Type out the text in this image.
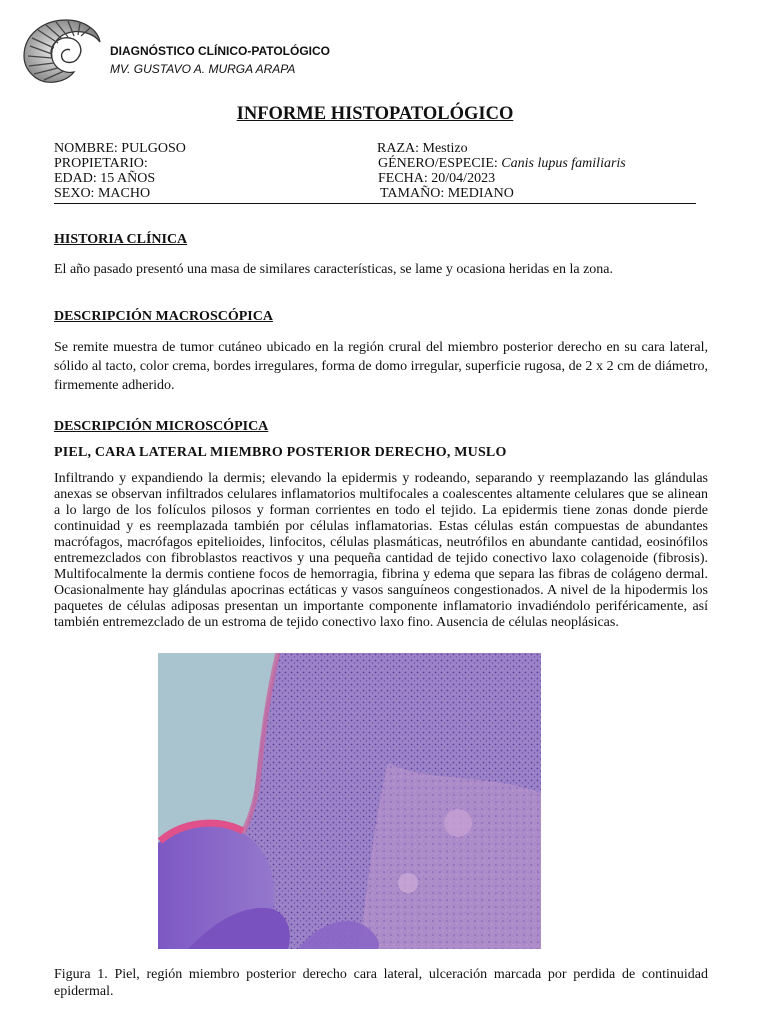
DIAGNÓSTICO CLÍNICO-PATOLÓGICO
MV. GUSTAVO A. MURGA ARAPA
INFORME HISTOPATOLÓGICO
NOMBRE: PULGOSO
PROPIETARIO:
EDAD: 15 AÑOS
SEXO: MACHO
RAZA: Mestizo
GÉNERO/ESPECIE: Canis lupus familiaris
FECHA: 20/04/2023
TAMAÑO: MEDIANO
HISTORIA CLÍNICA
El año pasado presentó una masa de similares características, se lame y ocasiona heridas en la zona.
DESCRIPCIÓN MACROSCÓPICA
Se remite muestra de tumor cutáneo ubicado en la región crural del miembro posterior derecho en su cara lateral, sólido al tacto, color crema, bordes irregulares, forma de domo irregular, superficie rugosa, de 2 x 2 cm de diámetro, firmemente adherido.
DESCRIPCIÓN MICROSCÓPICA
PIEL, CARA LATERAL MIEMBRO POSTERIOR DERECHO, MUSLO
Infiltrando y expandiendo la dermis; elevando la epidermis y rodeando, separando y reemplazando las glándulas anexas se observan infiltrados celulares inflamatorios multifocales a coalescentes altamente celulares que se alinean a lo largo de los folículos pilosos y forman corrientes en todo el tejido. La epidermis tiene zonas donde pierde continuidad y es reemplazada también por células inflamatorias. Estas células están compuestas de abundantes macrófagos, macrófagos epitelioides, linfocitos, células plasmáticas, neutrófilos en abundante cantidad, eosinófilos entremezclados con fibroblastos reactivos y una pequeña cantidad de tejido conectivo laxo colagenoide (fibrosis). Multifocalmente la dermis contiene focos de hemorragia, fibrina y edema que separa las fibras de colágeno dermal. Ocasionalmente hay glándulas apocrinas ectáticas y vasos sanguíneos congestionados. A nivel de la hipodermis los paquetes de células adiposas presentan un importante componente inflamatorio invadiéndolo periféricamente, así también entremezclado de un estroma de tejido conectivo laxo fino. Ausencia de células neoplásicas.
Figura 1. Piel, región miembro posterior derecho cara lateral, ulceración marcada por perdida de continuidad epidermal.
